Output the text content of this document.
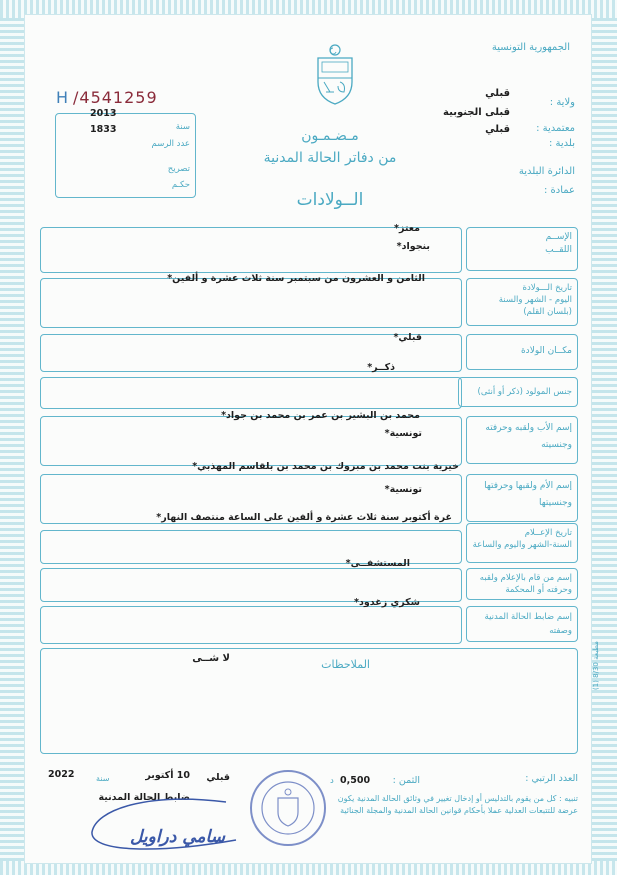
الجمهورية التونسية
ولاية :
قبلي
معتمدية :
قبلى الجنوبية
بلدية :
قبلي
الدائرة البلدية
عمادة :
H /4541259
2013
سنة
1833
عدد الرسم
تصريح
حكـم
مـضـمـون
من دفاتر الحالة المدنية
الــولادات
الإســم
اللقــب
معتز*
بنجواد*
تاريخ الـــولادة
اليوم - الشهر والسنة
(بلسان القلم)
الثامن و العشرون من سبتمبر سنة ثلاث عشرة و ألفين*
مكــان الولادة
قبلي*
جنس المولود (ذكر أو أنثى)
ذكــر*
إسم الأب ولقبه وحرفته
وجنسيته
محمد بن البشير بن عمر بن محمد بن جواد*
تونسية*
إسم الأم ولقبها وحرفتها
وجنسيتها
خيرية بنت محمد بن مبروك بن محمد بن بلقاسم المهذبي*
تونسية*
تاريخ الإعــلام
السنة-الشهر واليوم والساعة
غرة أكتوبر سنة ثلاث عشرة و ألفين على الساعة منتصف النهار*
إسم من قام بالإعلام ولقبه
وحرفته أو المحكمة
المستشفــى*
إسم ضابط الحالة المدنية
وصفته
شكري زغدود*
الملاحظات
لا شــى
2022	سنة	10 أكتوبر	قبلي	الثمن :
0,500
د	العدد الرتبي :
تنبيه : كل من يقوم بالتدليس أو إدخال تغيير في وثائق الحالة المدنية يكون عرضة للتتبعات العدلية عملا بأحكام قوانين الحالة المدنية والمجلة الجنائية
ضابط الحالة المدنية
سامي دراويل
(1) مطبعة 8/30
